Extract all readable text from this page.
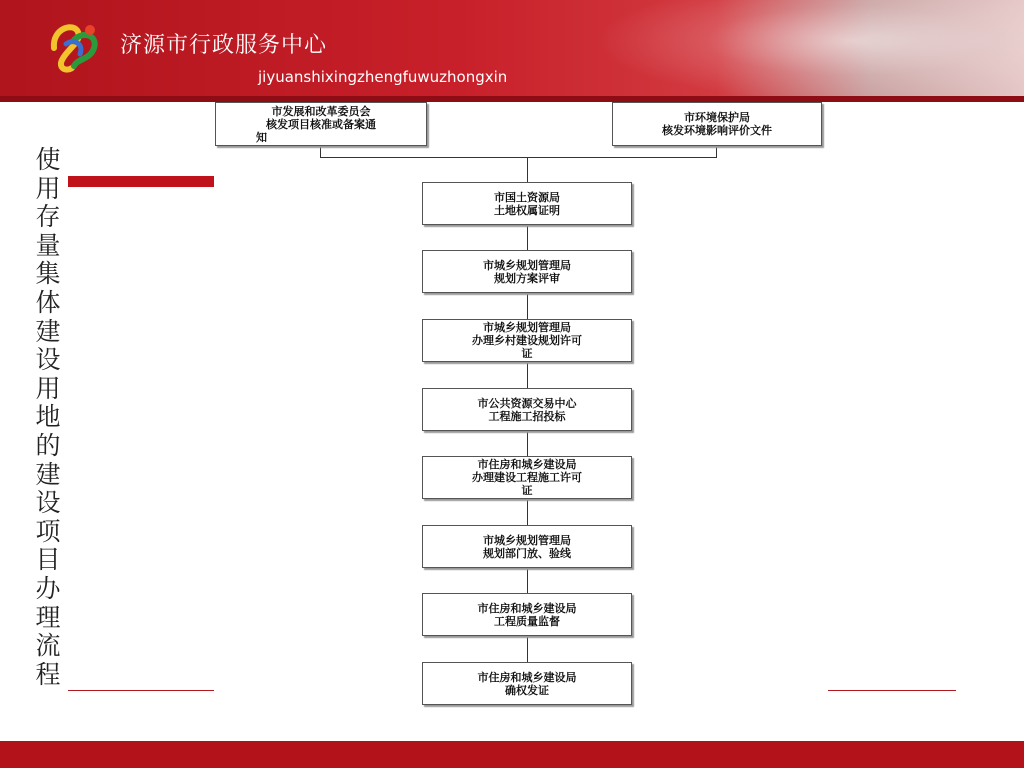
济源市行政服务中心
jiyuanshixingzhengfuwuzhongxin
使
用
存
量
集
体
建
设
用
地
的
建
设
项
目
办
理
流
程
市发展和改革委员会
核发项目核准或备案通
知
市环境保护局
核发环境影响评价文件
市国土资源局
土地权属证明
市城乡规划管理局
规划方案评审
市城乡规划管理局
办理乡村建设规划许可
证
市公共资源交易中心
工程施工招投标
市住房和城乡建设局
办理建设工程施工许可
证
市城乡规划管理局
规划部门放、验线
市住房和城乡建设局
工程质量监督
市住房和城乡建设局
确权发证
